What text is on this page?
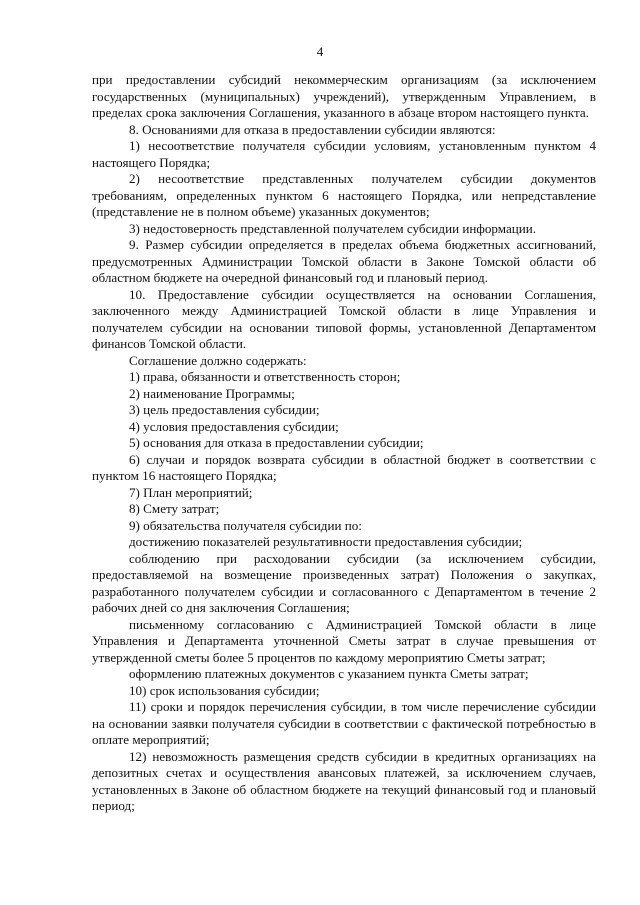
4

при предоставлении субсидий некоммерческим организациям (за исключением государственных (муниципальных) учреждений), утвержденным Управлением, в пределах срока заключения Соглашения, указанного в абзаце втором настоящего пункта.

8. Основаниями для отказа в предоставлении субсидии являются:

1) несоответствие получателя субсидии условиям, установленным пунктом 4 настоящего Порядка;

2) несоответствие представленных получателем субсидии документов требованиям, определенных пунктом 6 настоящего Порядка, или непредставление (представление не в полном объеме) указанных документов;

3) недостоверность представленной получателем субсидии информации.

9. Размер субсидии определяется в пределах объема бюджетных ассигнований, предусмотренных Администрации Томской области в Законе Томской области об областном бюджете на очередной финансовый год и плановый период.

10. Предоставление субсидии осуществляется на основании Соглашения, заключенного между Администрацией Томской области в лице Управления и получателем субсидии на основании типовой формы, установленной Департаментом финансов Томской области.

Соглашение должно содержать:

1) права, обязанности и ответственность сторон;

2) наименование Программы;

3) цель предоставления субсидии;

4) условия предоставления субсидии;

5) основания для отказа в предоставлении субсидии;

6) случаи и порядок возврата субсидии в областной бюджет в соответствии с пунктом 16 настоящего Порядка;

7) План мероприятий;

8) Смету затрат;

9) обязательства получателя субсидии по:

достижению показателей результативности предоставления субсидии;

соблюдению при расходовании субсидии (за исключением субсидии, предоставляемой на возмещение произведенных затрат) Положения о закупках, разработанного получателем субсидии и согласованного с Департаментом в течение 2 рабочих дней со дня заключения Соглашения;

письменному согласованию с Администрацией Томской области в лице Управления и Департамента уточненной Сметы затрат в случае превышения от утвержденной сметы более 5 процентов по каждому мероприятию Сметы затрат;

оформлению платежных документов с указанием пункта Сметы затрат;

10) срок использования субсидии;

11) сроки и порядок перечисления субсидии, в том числе перечисление субсидии на основании заявки получателя субсидии в соответствии с фактической потребностью в оплате мероприятий;

12) невозможность размещения средств субсидии в кредитных организациях на депозитных счетах и осуществления авансовых платежей, за исключением случаев, установленных в Законе об областном бюджете на текущий финансовый год и плановый период;
